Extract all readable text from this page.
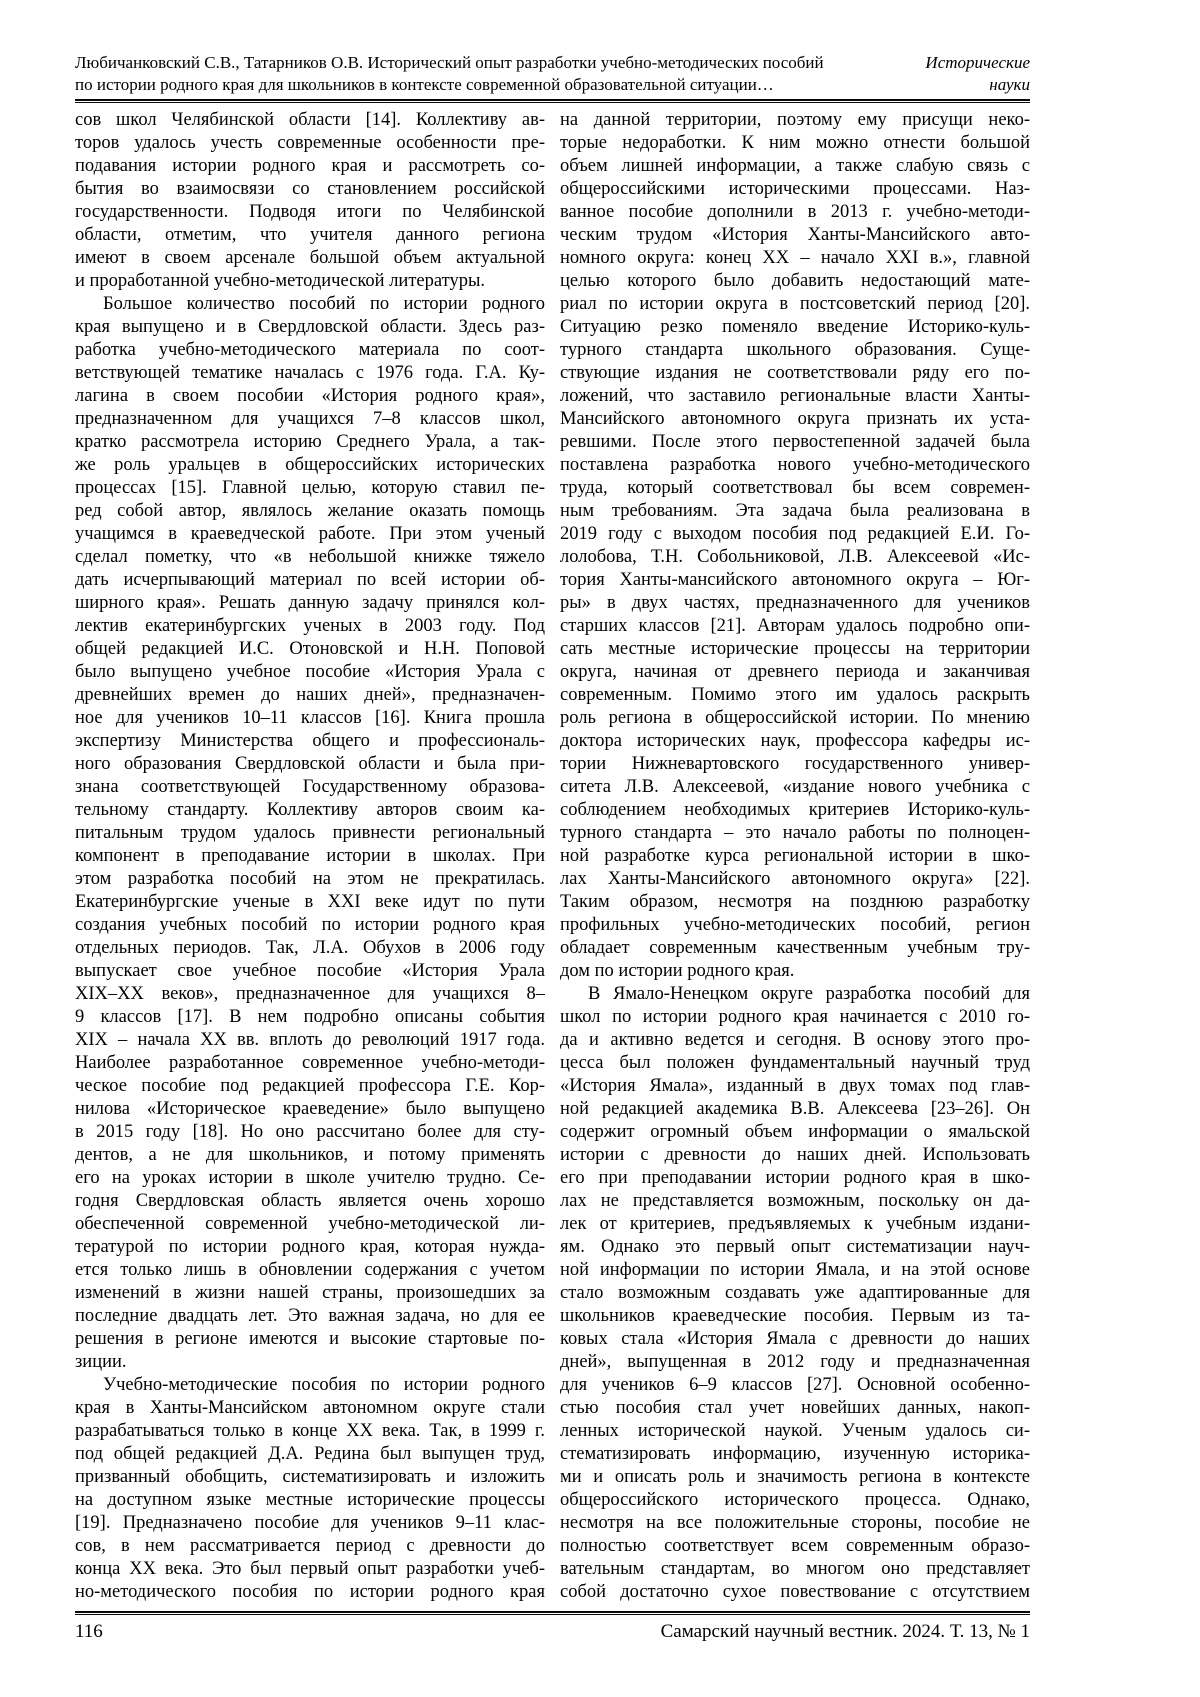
Любичанковский С.В., Татарников О.В. Исторический опыт разработки учебно-методических пособий
по истории родного края для школьников в контексте современной образовательной ситуации…
Исторические
науки
сов школ Челябинской области [14]. Коллективу ав-
торов удалось учесть современные особенности пре-
подавания истории родного края и рассмотреть со-
бытия во взаимосвязи со становлением российской
государственности. Подводя итоги по Челябинской
области, отметим, что учителя данного региона
имеют в своем арсенале большой объем актуальной
и проработанной учебно-методической литературы.
Большое количество пособий по истории родного
края выпущено и в Свердловской области. Здесь раз-
работка учебно-методического материала по соот-
ветствующей тематике началась с 1976 года. Г.А. Ку-
лагина в своем пособии «История родного края»,
предназначенном для учащихся 7–8 классов школ,
кратко рассмотрела историю Среднего Урала, а так-
же роль уральцев в общероссийских исторических
процессах [15]. Главной целью, которую ставил пе-
ред собой автор, являлось желание оказать помощь
учащимся в краеведческой работе. При этом ученый
сделал пометку, что «в небольшой книжке тяжело
дать исчерпывающий материал по всей истории об-
ширного края». Решать данную задачу принялся кол-
лектив екатеринбургских ученых в 2003 году. Под
общей редакцией И.С. Отоновской и Н.Н. Поповой
было выпущено учебное пособие «История Урала с
древнейших времен до наших дней», предназначен-
ное для учеников 10–11 классов [16]. Книга прошла
экспертизу Министерства общего и профессиональ-
ного образования Свердловской области и была при-
знана соответствующей Государственному образова-
тельному стандарту. Коллективу авторов своим ка-
питальным трудом удалось привнести региональный
компонент в преподавание истории в школах. При
этом разработка пособий на этом не прекратилась.
Екатеринбургские ученые в XXI веке идут по пути
создания учебных пособий по истории родного края
отдельных периодов. Так, Л.А. Обухов в 2006 году
выпускает свое учебное пособие «История Урала
XIX–XX веков», предназначенное для учащихся 8–
9 классов [17]. В нем подробно описаны события
XIX – начала XX вв. вплоть до революций 1917 года.
Наиболее разработанное современное учебно-методи-
ческое пособие под редакцией профессора Г.Е. Кор-
нилова «Историческое краеведение» было выпущено
в 2015 году [18]. Но оно рассчитано более для сту-
дентов, а не для школьников, и потому применять
его на уроках истории в школе учителю трудно. Се-
годня Свердловская область является очень хорошо
обеспеченной современной учебно-методической ли-
тературой по истории родного края, которая нужда-
ется только лишь в обновлении содержания с учетом
изменений в жизни нашей страны, произошедших за
последние двадцать лет. Это важная задача, но для ее
решения в регионе имеются и высокие стартовые по-
зиции.
Учебно-методические пособия по истории родного
края в Ханты-Мансийском автономном округе стали
разрабатываться только в конце XX века. Так, в 1999 г.
под общей редакцией Д.А. Редина был выпущен труд,
призванный обобщить, систематизировать и изложить
на доступном языке местные исторические процессы
[19]. Предназначено пособие для учеников 9–11 клас-
сов, в нем рассматривается период с древности до
конца XX века. Это был первый опыт разработки учеб-
но-методического пособия по истории родного края
на данной территории, поэтому ему присущи неко-
торые недоработки. К ним можно отнести большой
объем лишней информации, а также слабую связь с
общероссийскими историческими процессами. Наз-
ванное пособие дополнили в 2013 г. учебно-методи-
ческим трудом «История Ханты-Мансийского авто-
номного округа: конец XX – начало XXI в.», главной
целью которого было добавить недостающий мате-
риал по истории округа в постсоветский период [20].
Ситуацию резко поменяло введение Историко-куль-
турного стандарта школьного образования. Суще-
ствующие издания не соответствовали ряду его по-
ложений, что заставило региональные власти Ханты-
Мансийского автономного округа признать их уста-
ревшими. После этого первостепенной задачей была
поставлена разработка нового учебно-методического
труда, который соответствовал бы всем современ-
ным требованиям. Эта задача была реализована в
2019 году с выходом пособия под редакцией Е.И. Го-
лолобова, Т.Н. Собольниковой, Л.В. Алексеевой «Ис-
тория Ханты-мансийского автономного округа – Юг-
ры» в двух частях, предназначенного для учеников
старших классов [21]. Авторам удалось подробно опи-
сать местные исторические процессы на территории
округа, начиная от древнего периода и заканчивая
современным. Помимо этого им удалось раскрыть
роль региона в общероссийской истории. По мнению
доктора исторических наук, профессора кафедры ис-
тории Нижневартовского государственного универ-
ситета Л.В. Алексеевой, «издание нового учебника с
соблюдением необходимых критериев Историко-куль-
турного стандарта – это начало работы по полноцен-
ной разработке курса региональной истории в шко-
лах Ханты-Мансийского автономного округа» [22].
Таким образом, несмотря на позднюю разработку
профильных учебно-методических пособий, регион
обладает современным качественным учебным тру-
дом по истории родного края.
В Ямало-Ненецком округе разработка пособий для
школ по истории родного края начинается с 2010 го-
да и активно ведется и сегодня. В основу этого про-
цесса был положен фундаментальный научный труд
«История Ямала», изданный в двух томах под глав-
ной редакцией академика В.В. Алексеева [23–26]. Он
содержит огромный объем информации о ямальской
истории с древности до наших дней. Использовать
его при преподавании истории родного края в шко-
лах не представляется возможным, поскольку он да-
лек от критериев, предъявляемых к учебным издани-
ям. Однако это первый опыт систематизации науч-
ной информации по истории Ямала, и на этой основе
стало возможным создавать уже адаптированные для
школьников краеведческие пособия. Первым из та-
ковых стала «История Ямала с древности до наших
дней», выпущенная в 2012 году и предназначенная
для учеников 6–9 классов [27]. Основной особенно-
стью пособия стал учет новейших данных, накоп-
ленных исторической наукой. Ученым удалось си-
стематизировать информацию, изученную историка-
ми и описать роль и значимость региона в контексте
общероссийского исторического процесса. Однако,
несмотря на все положительные стороны, пособие не
полностью соответствует всем современным образо-
вательным стандартам, во многом оно представляет
собой достаточно сухое повествование с отсутствием
116	Самарский научный вестник. 2024. Т. 13, № 1
